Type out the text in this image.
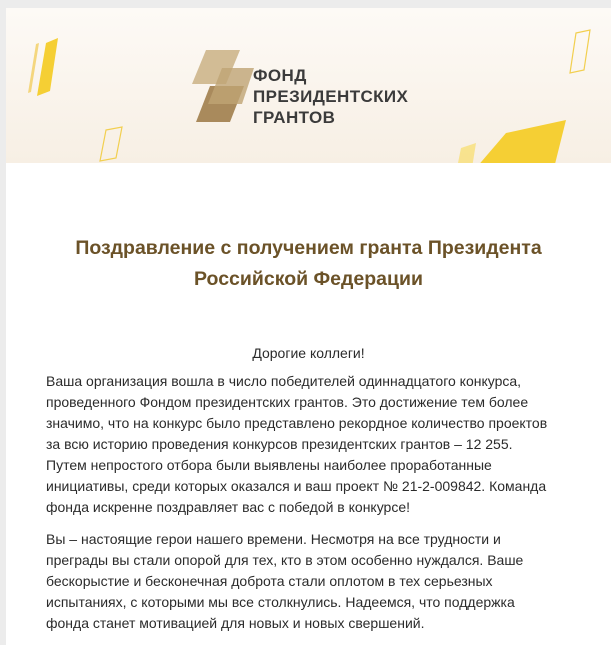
ФОНД
ПРЕЗИДЕНТСКИХ
ГРАНТОВ
Поздравление с получением гранта Президента Российской Федерации
Дорогие коллеги!
Ваша организация вошла в число победителей одиннадцатого конкурса, проведенного Фондом президентских грантов. Это достижение тем более значимо, что на конкурс было представлено рекордное количество проектов за всю историю проведения конкурсов президентских грантов – 12 255. Путем непростого отбора были выявлены наиболее проработанные инициативы, среди которых оказался и ваш проект № 21-2-009842. Команда фонда искренне поздравляет вас с победой в конкурсе!
Вы – настоящие герои нашего времени. Несмотря на все трудности и преграды вы стали опорой для тех, кто в этом особенно нуждался. Ваше бескорыстие и бесконечная доброта стали оплотом в тех серьезных испытаниях, с которыми мы все столкнулись. Надеемся, что поддержка фонда станет мотивацией для новых и новых свершений.
